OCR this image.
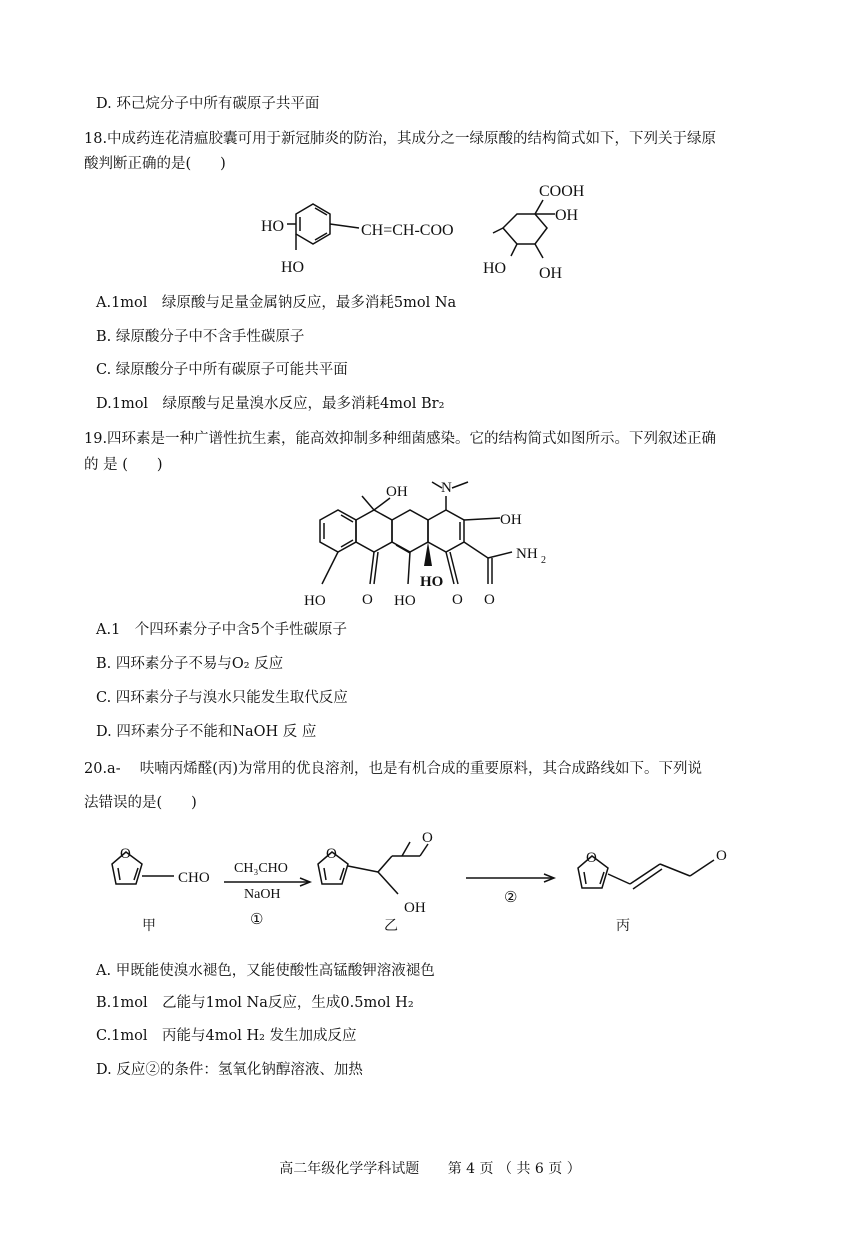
D. 环己烷分子中所有碳原子共平面
18.中成药连花清瘟胶囊可用于新冠肺炎的防治，其成分之一绿原酸的结构简式如下，下列关于绿原
酸判断正确的是(　　)
HO
HO
CH=CH-COO
COOH
OH
HO OH
A.1mol　绿原酸与足量金属钠反应，最多消耗5mol Na
B. 绿原酸分子中不含手性碳原子
C. 绿原酸分子中所有碳原子可能共平面
D.1mol　绿原酸与足量溴水反应，最多消耗4mol Br₂
19.四环素是一种广谱性抗生素，能高效抑制多种细菌感染。它的结构简式如图所示。下列叙述正确
的 是 (　　)
OH N
OH
NH 2
HO O HO
HO
O O
A.1　个四环素分子中含5个手性碳原子
B. 四环素分子不易与O₂ 反应
C. 四环素分子与溴水只能发生取代反应
D. 四环素分子不能和NaOH 反 应
20.a-　 呋喃丙烯醛(丙)为常用的优良溶剂，也是有机合成的重要原料，其合成路线如下。下列说
法错误的是(　　)
O
CHO
CH₃CHO
NaOH
①
O
O
OH
②
O	O
甲	乙	丙
A. 甲既能使溴水褪色，又能使酸性高锰酸钾溶液褪色
B.1mol　乙能与1mol Na反应，生成0.5mol H₂
C.1mol　丙能与4mol H₂ 发生加成反应
D. 反应②的条件：氢氧化钠醇溶液、加热
高二年级化学学科试题 第 4 页 （ 共 6 页 ）
